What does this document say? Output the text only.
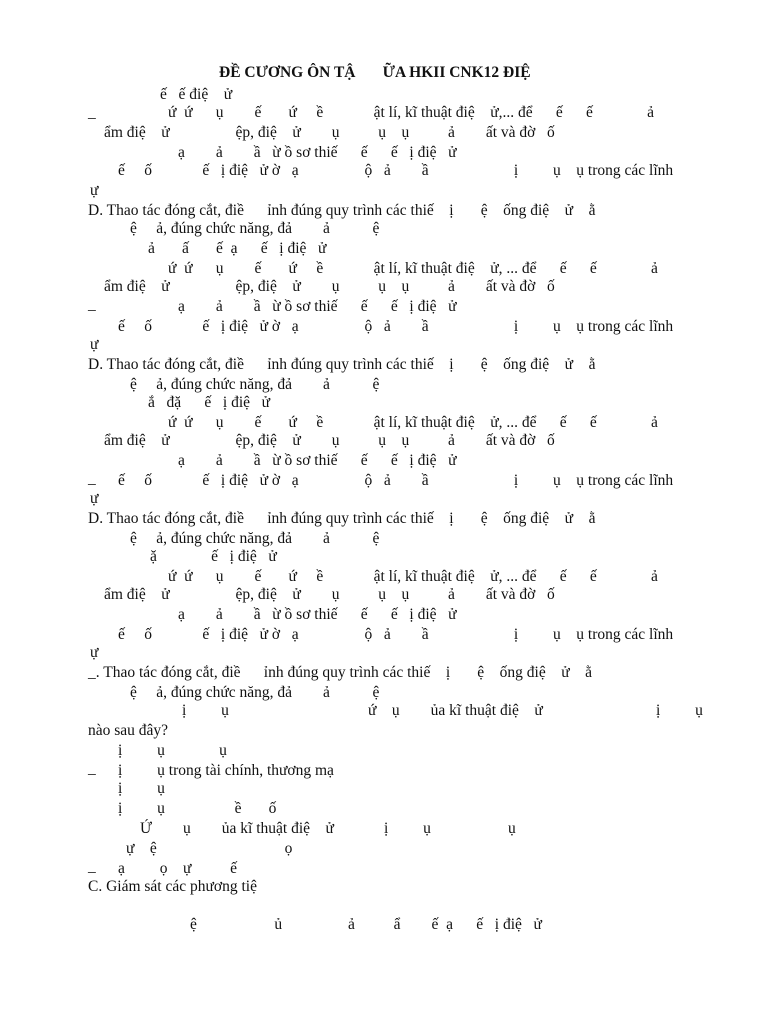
ĐỀ CƯƠNG ÔN TẬ       ỮA HKII CNK12 ĐIỆ
ế   ế điệ    ử
_	ứ  ứ      ụ        ế       ứ     ề             ật lí, kĩ thuật điệ    ử,... để      ế      ế              ả
ẩm điệ    ử                 ệp, điệ    ử        ụ          ụ    ụ          ả        ất và đờ   ố
ạ        ả        ầ   ừ ồ sơ thiế      ế      ế   ị điệ   ử
ế     ố             ế   ị điệ   ử ờ   ạ                 ộ   ả        ầ                      ị         ụ    ụ trong các lĩnh
ự
D. Thao tác đóng cắt, điề      ỉnh đúng quy trình các thiế    ị       ệ    ống điệ    ử    ằ
ệ     ả, đúng chức năng, đả        ả           ệ
ả       ấ       ế  ạ      ế   ị điệ   ử
ứ  ứ      ụ        ế       ứ     ề             ật lí, kĩ thuật điệ    ử, ... để      ế      ế              ả
ẩm điệ    ử                 ệp, điệ    ử        ụ          ụ    ụ          ả        ất và đờ   ố
_	ạ        ả        ầ   ừ ồ sơ thiế      ế      ế   ị điệ   ử
ế     ố             ế   ị điệ   ử ờ   ạ                 ộ   ả        ầ                      ị         ụ    ụ trong các lĩnh
ự
D. Thao tác đóng cắt, điề      ỉnh đúng quy trình các thiế    ị       ệ    ống điệ    ử    ằ
ệ     ả, đúng chức năng, đả        ả           ệ
ắ   đặ      ế   ị điệ   ử
ứ  ứ      ụ        ế       ứ     ề             ật lí, kĩ thuật điệ    ử, ... để      ế      ế              ả
ẩm điệ    ử                 ệp, điệ    ử        ụ          ụ    ụ          ả        ất và đờ   ố
ạ        ả        ầ   ừ ồ sơ thiế      ế      ế   ị điệ   ử
_ ế     ố             ế   ị điệ   ử ờ   ạ                 ộ   ả        ầ                      ị         ụ    ụ trong các lĩnh
ự
D. Thao tác đóng cắt, điề      ỉnh đúng quy trình các thiế    ị       ệ    ống điệ    ử    ằ
ệ     ả, đúng chức năng, đả        ả           ệ
ặ              ế   ị điệ   ử
ứ  ứ      ụ        ế       ứ     ề             ật lí, kĩ thuật điệ    ử, ... để      ế      ế              ả
ẩm điệ    ử                 ệp, điệ    ử        ụ          ụ    ụ          ả        ất và đờ   ố
ạ        ả        ầ   ừ ồ sơ thiế      ế      ế   ị điệ   ử
ế     ố             ế   ị điệ   ử ờ   ạ                 ộ   ả        ầ                      ị         ụ    ụ trong các lĩnh
ự
_. Thao tác đóng cắt, điề      ỉnh đúng quy trình các thiế    ị       ệ    ống điệ    ử    ằ
ệ     ả, đúng chức năng, đả        ả           ệ
ị         ụ	ứ    ụ        ủa kĩ thuật điệ    ử	ị         ụ
nào sau đây?
ị         ụ              ụ
_ ị         ụ trong tài chính, thương mạ
ị         ụ
ị         ụ                  ề       ố
Ứ        ụ        ủa kĩ thuật điệ    ử	ị         ụ	ụ
ự    ệ                                 ọ
_ ạ         ọ    ự          ế
C. Giám sát các phương tiệ
ệ                    ủ                 ả          ẩ        ế  ạ      ế   ị điệ   ử
